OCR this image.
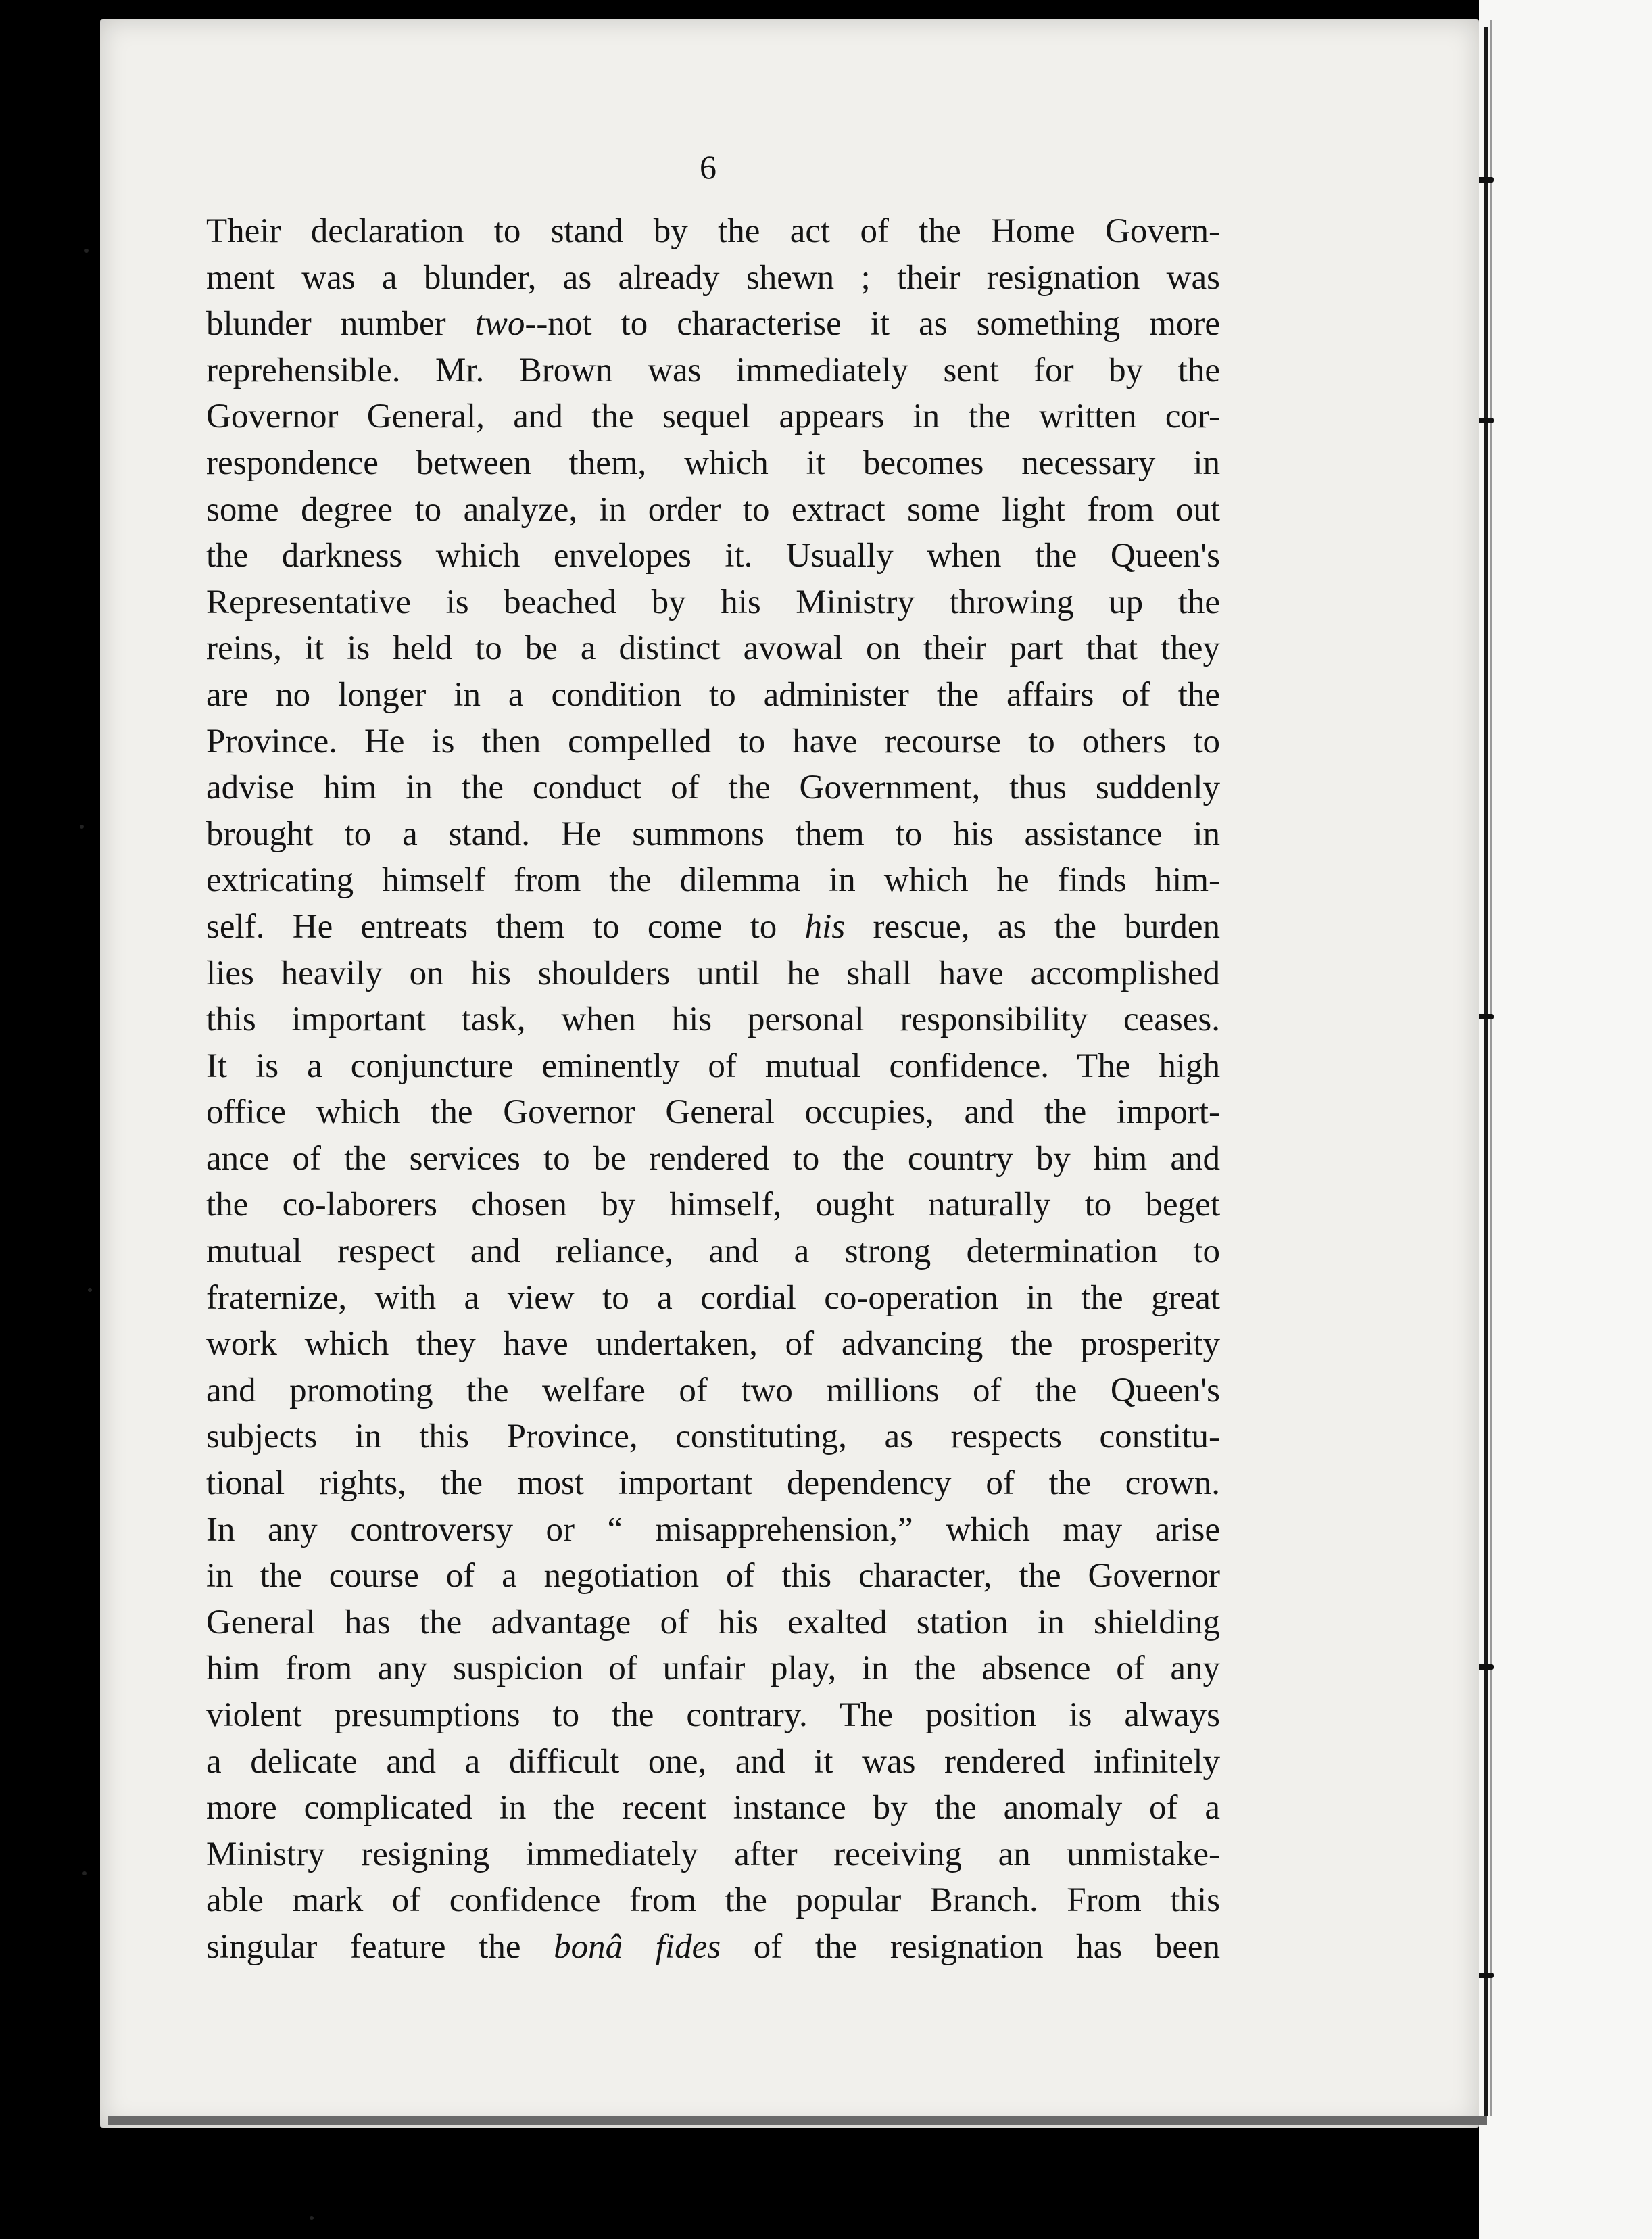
6
Their declaration to stand by the act of the Home Govern-
ment was a blunder, as already shewn ; their resignation was
blunder number two--not to characterise it as something more
reprehensible. Mr. Brown was immediately sent for by the
Governor General, and the sequel appears in the written cor-
respondence between them, which it becomes necessary in
some degree to analyze, in order to extract some light from out
the darkness which envelopes it. Usually when the Queen's
Representative is beached by his Ministry throwing up the
reins, it is held to be a distinct avowal on their part that they
are no longer in a condition to administer the affairs of the
Province. He is then compelled to have recourse to others to
advise him in the conduct of the Government, thus suddenly
brought to a stand. He summons them to his assistance in
extricating himself from the dilemma in which he finds him-
self. He entreats them to come to his rescue, as the burden
lies heavily on his shoulders until he shall have accomplished
this important task, when his personal responsibility ceases.
It is a conjuncture eminently of mutual confidence. The high
office which the Governor General occupies, and the import-
ance of the services to be rendered to the country by him and
the co-laborers chosen by himself, ought naturally to beget
mutual respect and reliance, and a strong determination to
fraternize, with a view to a cordial co-operation in the great
work which they have undertaken, of advancing the prosperity
and promoting the welfare of two millions of the Queen's
subjects in this Province, constituting, as respects constitu-
tional rights, the most important dependency of the crown.
In any controversy or “ misapprehension,” which may arise
in the course of a negotiation of this character, the Governor
General has the advantage of his exalted station in shielding
him from any suspicion of unfair play, in the absence of any
violent presumptions to the contrary. The position is always
a delicate and a difficult one, and it was rendered infinitely
more complicated in the recent instance by the anomaly of a
Ministry resigning immediately after receiving an unmistake-
able mark of confidence from the popular Branch. From this
singular feature the bonâ fides of the resignation has been
